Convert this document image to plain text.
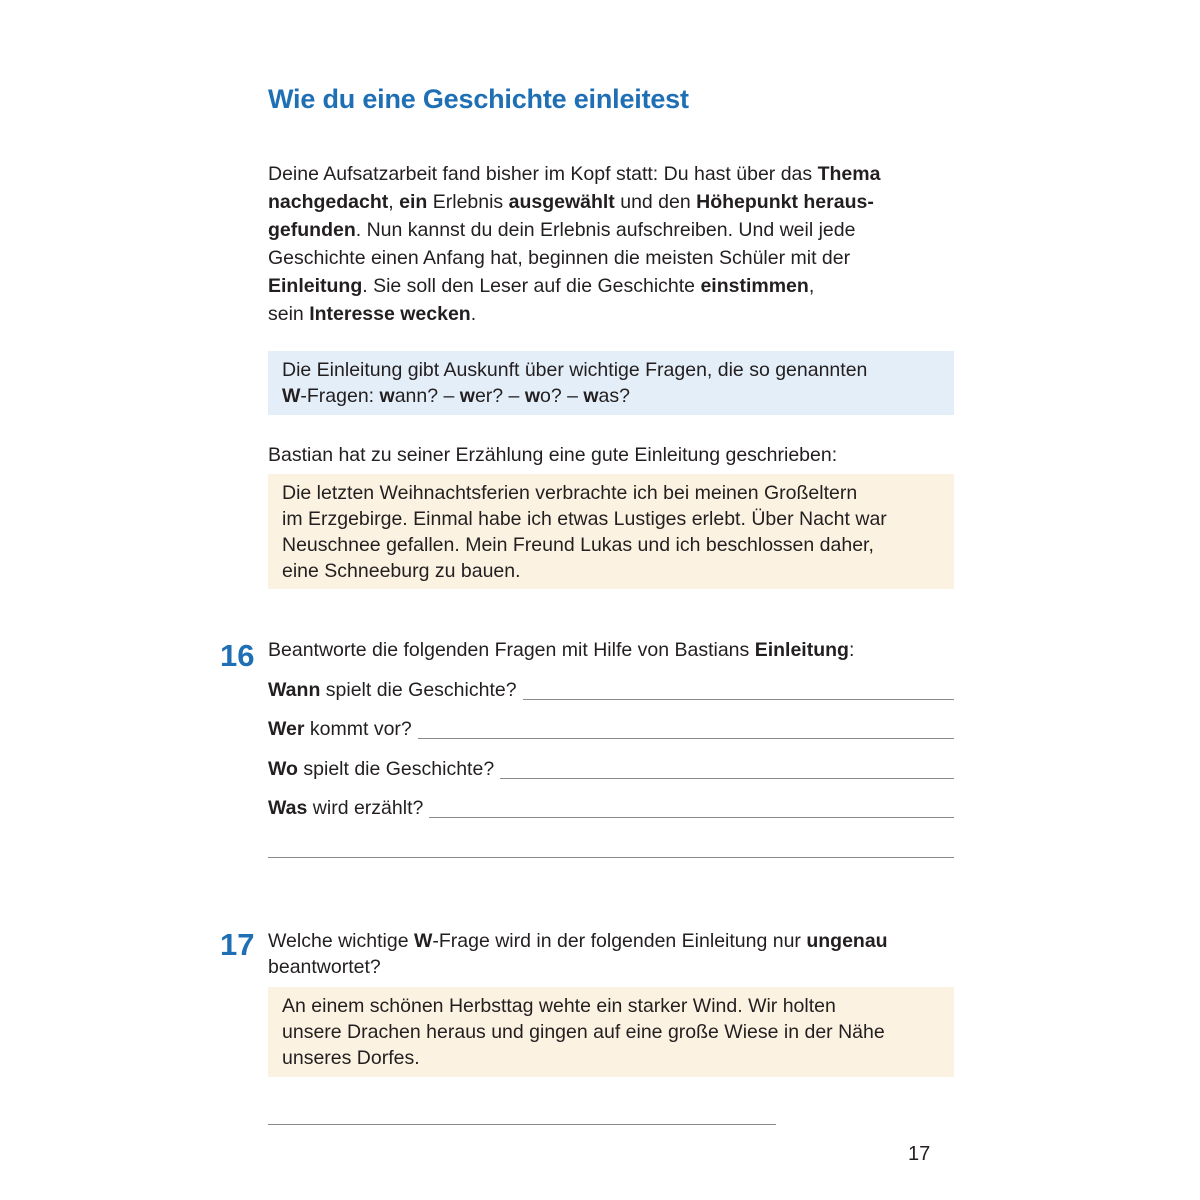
Wie du eine Geschichte einleitest

Deine Aufsatzarbeit fand bisher im Kopf statt: Du hast über das Thema nachgedacht, ein Erlebnis ausgewählt und den Höhepunkt herausgefunden. Nun kannst du dein Erlebnis aufschreiben. Und weil jede Geschichte einen Anfang hat, beginnen die meisten Schüler mit der Einleitung. Sie soll den Leser auf die Geschichte einstimmen,
sein Interesse wecken.

Die Einleitung gibt Auskunft über wichtige Fragen, die so genannten
W-Fragen: wann? – wer? – wo? – was?
Bastian hat zu seiner Erzählung eine gute Einleitung geschrieben:
Die letzten Weihnachtsferien verbrachte ich bei meinen Großeltern
im Erzgebirge. Einmal habe ich etwas Lustiges erlebt. Über Nacht war
Neuschnee gefallen. Mein Freund Lukas und ich beschlossen daher,
eine Schneeburg zu bauen.
16 Beantworte die folgenden Fragen mit Hilfe von Bastians Einleitung:
Wann spielt die Geschichte?
Wer kommt vor?
Wo spielt die Geschichte?
Was wird erzählt?
17 Welche wichtige W-Frage wird in der folgenden Einleitung nur ungenau
beantwortet?
An einem schönen Herbsttag wehte ein starker Wind. Wir holten
unsere Drachen heraus und gingen auf eine große Wiese in der Nähe
unseres Dorfes.
17
